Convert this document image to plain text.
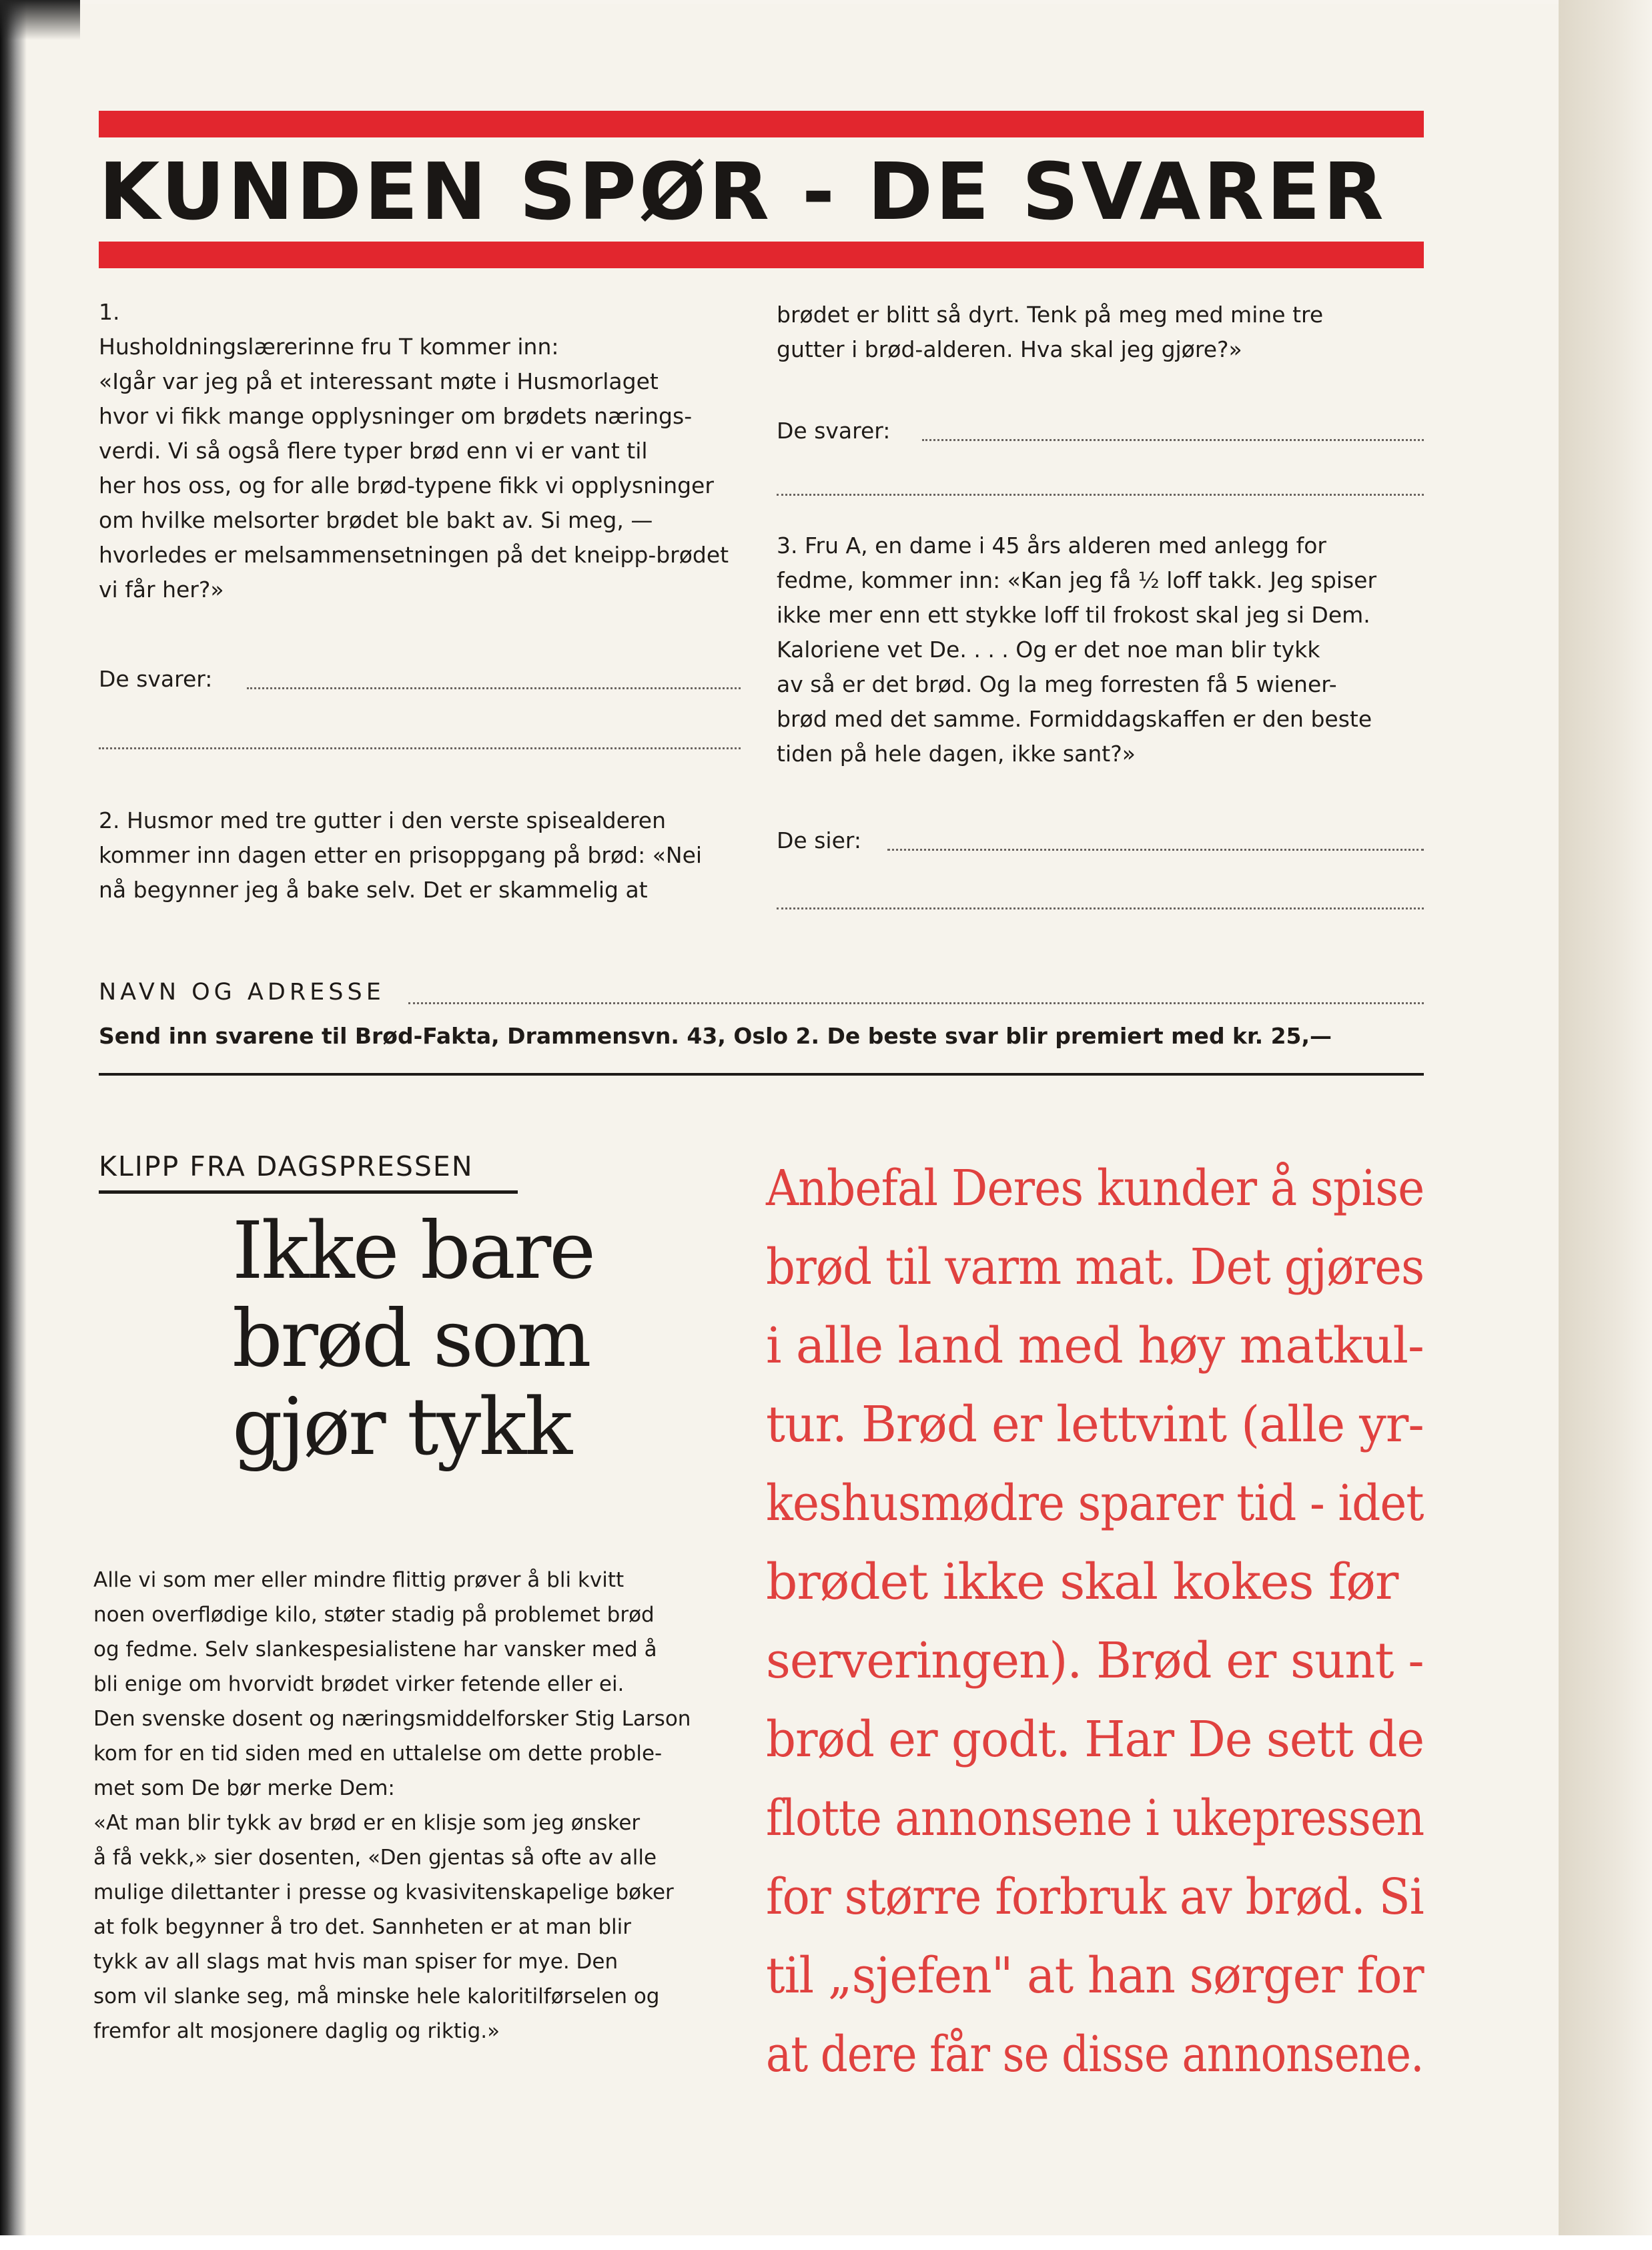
KUNDEN SPØR - DE SVARER

1.

Husholdningslærerinne fru T kommer inn:

«Igår var jeg på et interessant møte i Husmorlaget

hvor vi fikk mange opplysninger om brødets nærings-

verdi. Vi så også flere typer brød enn vi er vant til

her hos oss, og for alle brød-typene fikk vi opplysninger

om hvilke melsorter brødet ble bakt av. Si meg, —

hvorledes er melsammensetningen på det kneipp-brødet

vi får her?»

De svarer:

2. Husmor med tre gutter i den verste spisealderen

kommer inn dagen etter en prisoppgang på brød: «Nei

nå begynner jeg å bake selv. Det er skammelig at

brødet er blitt så dyrt. Tenk på meg med mine tre

gutter i brød-alderen. Hva skal jeg gjøre?»

De svarer:

3. Fru A, en dame i 45 års alderen med anlegg for

fedme, kommer inn: «Kan jeg få ½ loff takk. Jeg spiser

ikke mer enn ett stykke loff til frokost skal jeg si Dem.

Kaloriene vet De. . . . Og er det noe man blir tykk

av så er det brød. Og la meg forresten få 5 wiener-

brød med det samme. Formiddagskaffen er den beste

tiden på hele dagen, ikke sant?»

De sier:
NAVN OG ADRESSE
Send inn svarene til Brød-Fakta, Drammensvn. 43, Oslo 2. De beste svar blir premiert med kr. 25,—
KLIPP FRA DAGSPRESSEN
Ikke bare
brød som
gjør tykk

Alle vi som mer eller mindre flittig prøver å bli kvitt

noen overflødige kilo, støter stadig på problemet brød

og fedme. Selv slankespesialistene har vansker med å

bli enige om hvorvidt brødet virker fetende eller ei.

Den svenske dosent og næringsmiddelforsker Stig Larson

kom for en tid siden med en uttalelse om dette proble-

met som De bør merke Dem:

«At man blir tykk av brød er en klisje som jeg ønsker

å få vekk,» sier dosenten, «Den gjentas så ofte av alle

mulige dilettanter i presse og kvasivitenskapelige bøker

at folk begynner å tro det. Sannheten er at man blir

tykk av all slags mat hvis man spiser for mye. Den

som vil slanke seg, må minske hele kaloritilførselen og

fremfor alt mosjonere daglig og riktig.»

Anbefal Deres kunder å spise
brød til varm mat. Det gjøres
i alle land med høy matkul-
tur. Brød er lettvint (alle yr-
keshusmødre sparer tid - idet
brødet ikke skal kokes før
serveringen). Brød er sunt -
brød er godt. Har De sett de
flotte annonsene i ukepressen
for større forbruk av brød. Si
til „sjefen" at han sørger for
at dere får se disse annonsene.
